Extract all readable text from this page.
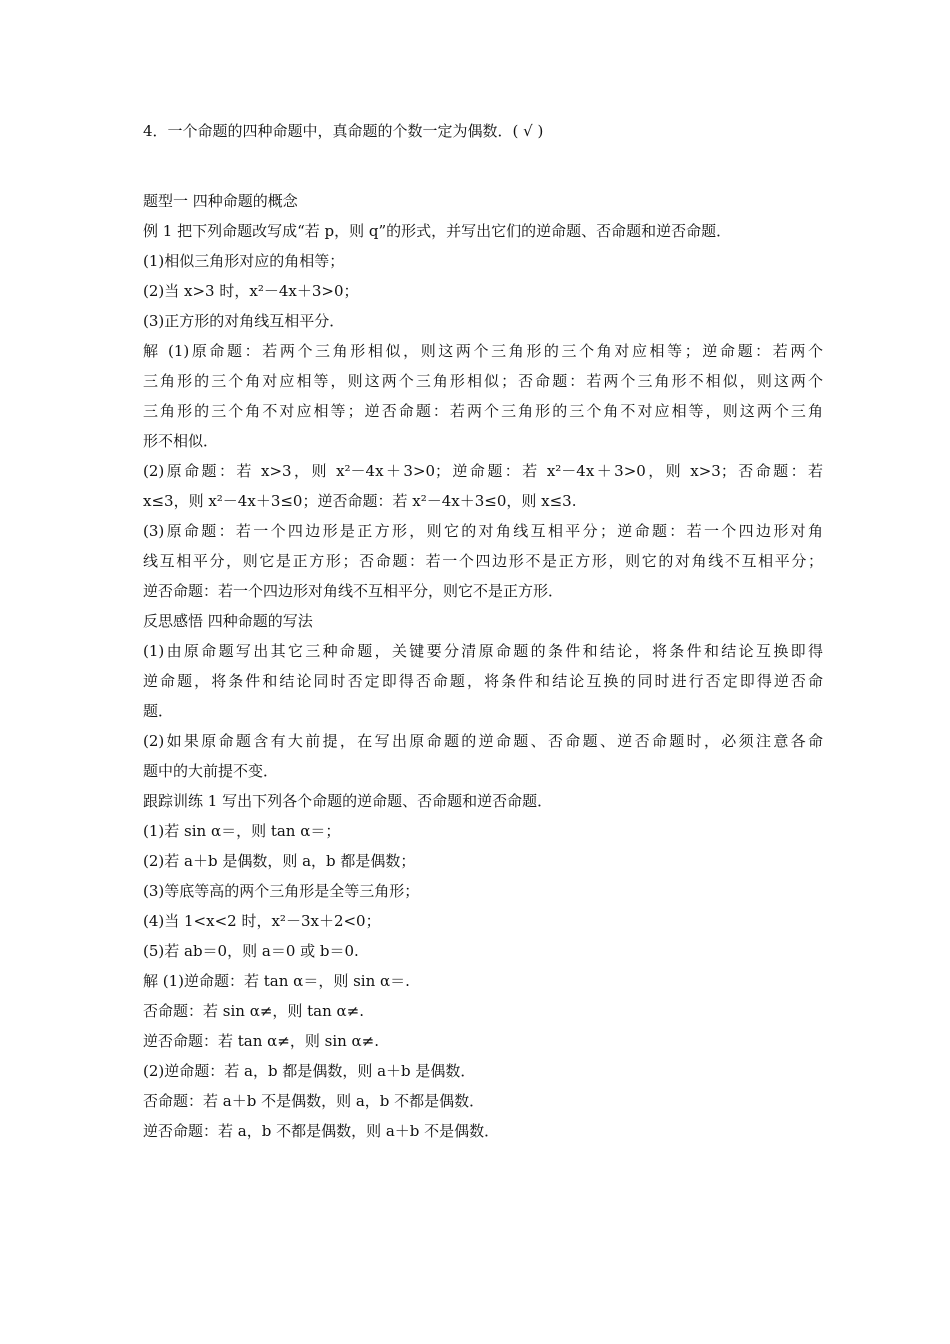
4．一个命题的四种命题中，真命题的个数一定为偶数．( √ )
题型一 四种命题的概念
例 1 把下列命题改写成“若 p，则 q”的形式，并写出它们的逆命题、否命题和逆否命题．
(1)相似三角形对应的角相等；
(2)当 x>3 时，x²－4x＋3>0；
(3)正方形的对角线互相平分．
解 (1)原命题：若两个三角形相似，则这两个三角形的三个角对应相等；逆命题：若两个
三角形的三个角对应相等，则这两个三角形相似；否命题：若两个三角形不相似，则这两个
三角形的三个角不对应相等；逆否命题：若两个三角形的三个角不对应相等，则这两个三角
形不相似．
(2)原命题：若 x>3，则 x²－4x＋3>0；逆命题：若 x²－4x＋3>0，则 x>3；否命题：若
x≤3，则 x²－4x＋3≤0；逆否命题：若 x²－4x＋3≤0，则 x≤3.
(3)原命题：若一个四边形是正方形，则它的对角线互相平分；逆命题：若一个四边形对角
线互相平分，则它是正方形；否命题：若一个四边形不是正方形，则它的对角线不互相平分；
逆否命题：若一个四边形对角线不互相平分，则它不是正方形．
反思感悟 四种命题的写法
(1)由原命题写出其它三种命题，关键要分清原命题的条件和结论，将条件和结论互换即得
逆命题，将条件和结论同时否定即得否命题，将条件和结论互换的同时进行否定即得逆否命
题．
(2)如果原命题含有大前提，在写出原命题的逆命题、否命题、逆否命题时，必须注意各命
题中的大前提不变．
跟踪训练 1 写出下列各个命题的逆命题、否命题和逆否命题．
(1)若 sin α＝，则 tan α＝；
(2)若 a＋b 是偶数，则 a，b 都是偶数；
(3)等底等高的两个三角形是全等三角形；
(4)当 1<x<2 时，x²－3x＋2<0；
(5)若 ab＝0，则 a＝0 或 b＝0.
解 (1)逆命题：若 tan α＝，则 sin α＝.
否命题：若 sin α≠，则 tan α≠.
逆否命题：若 tan α≠，则 sin α≠.
(2)逆命题：若 a，b 都是偶数，则 a＋b 是偶数．
否命题：若 a＋b 不是偶数，则 a，b 不都是偶数．
逆否命题：若 a，b 不都是偶数，则 a＋b 不是偶数．
